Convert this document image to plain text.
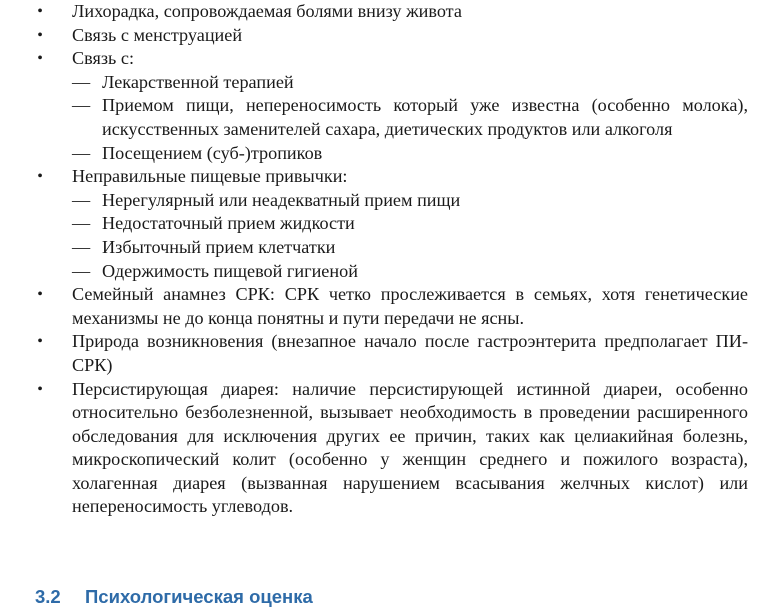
• Лихорадка, сопровождаемая болями внизу живота
• Связь с менструацией
• Связь с:
— Лекарственной терапией
— Приемом пищи, непереносимость который уже известна (особенно молока), искусственных заменителей сахара, диетических продуктов или алкоголя
— Посещением (суб-)тропиков
• Неправильные пищевые привычки:
— Нерегулярный или неадекватный прием пищи
— Недостаточный прием жидкости
— Избыточный прием клетчатки
— Одержимость пищевой гигиеной
• Семейный анамнез СРК: СРК четко прослеживается в семьях, хотя генетические механизмы не до конца понятны и пути передачи не ясны.
• Природа возникновения (внезапное начало после гастроэнтерита предполагает ПИ-СРК)
• Персистирующая диарея: наличие персистирующей истинной диареи, особенно относительно безболезненной, вызывает необходимость в проведении расширенного обследования для исключения других ее причин, таких как целиакийная болезнь, микроскопический колит (особенно у женщин среднего и пожилого возраста), холагенная диарея (вызванная нарушением всасывания желчных кислот) или непереносимость углеводов.
3.2 Психологическая оценка
